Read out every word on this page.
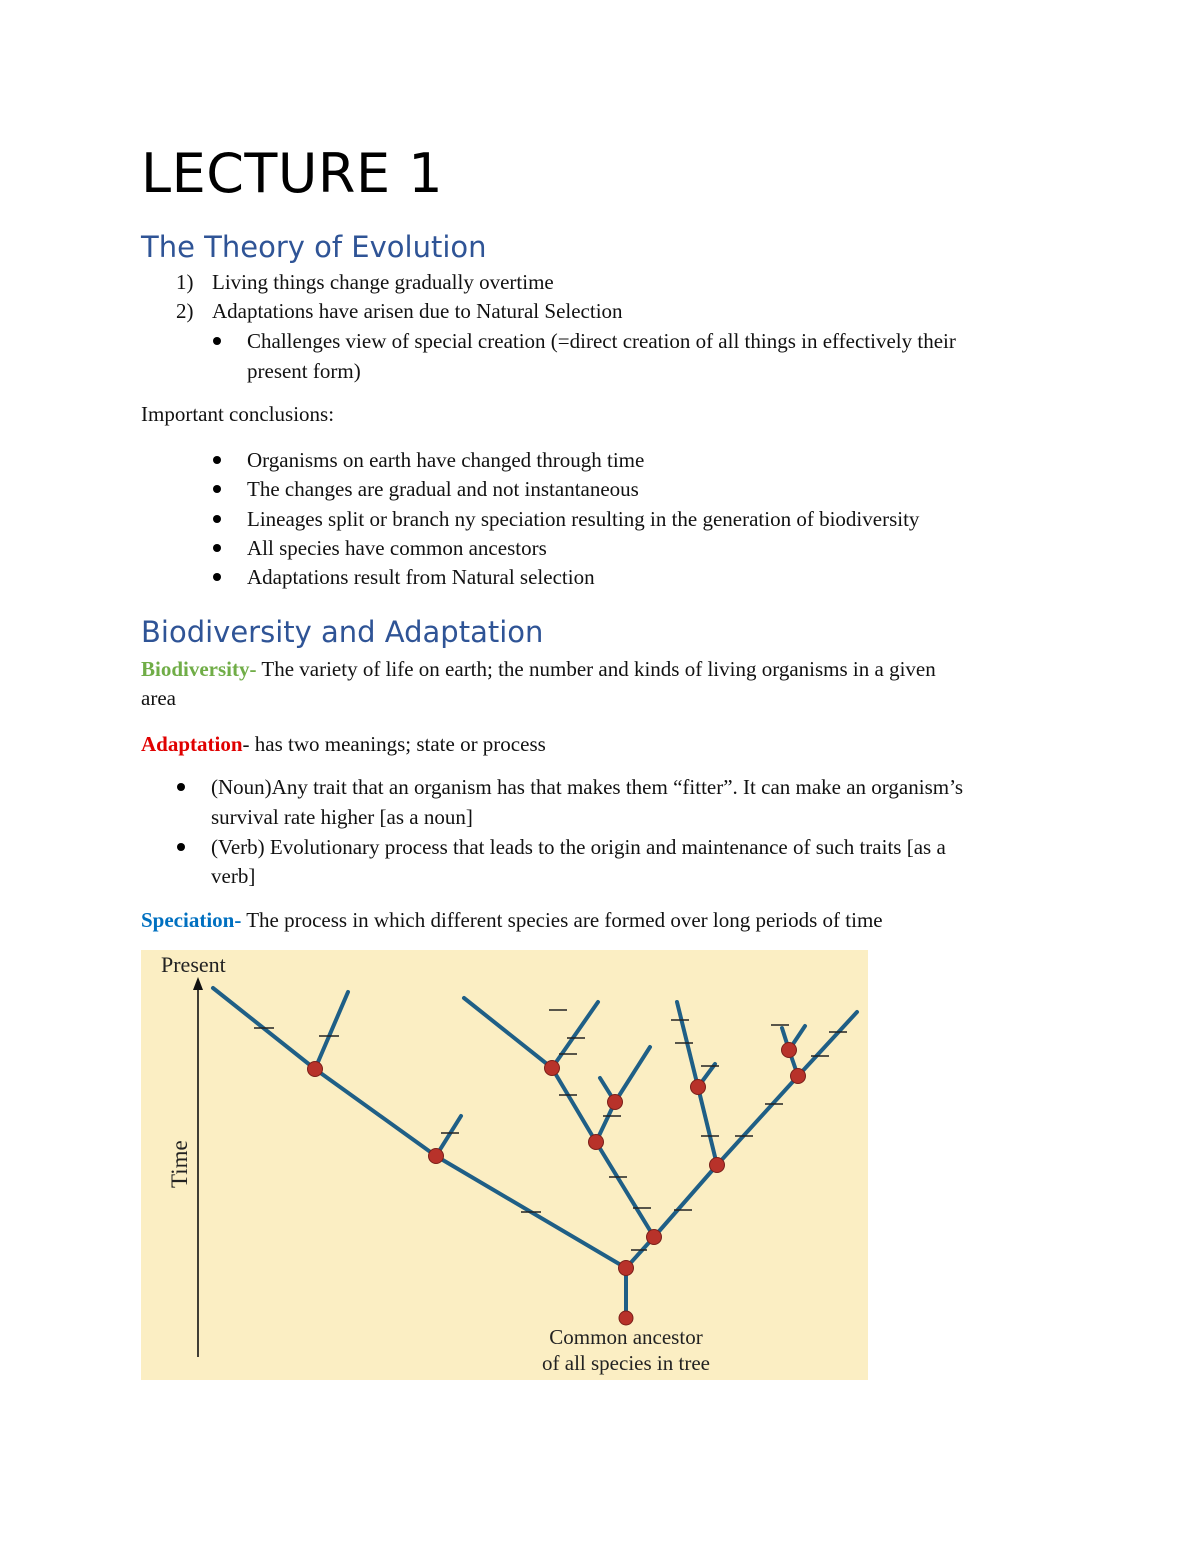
LECTURE 1
The Theory of Evolution
1) Living things change gradually overtime
2) Adaptations have arisen due to Natural Selection
Challenges view of special creation (=direct creation of all things in effectively their
present form)
Important conclusions:
Organisms on earth have changed through time
The changes are gradual and not instantaneous
Lineages split or branch ny speciation resulting in the generation of biodiversity
All species have common ancestors
Adaptations result from Natural selection
Biodiversity and Adaptation
Biodiversity- The variety of life on earth; the number and kinds of living organisms in a given
area
Adaptation- has two meanings; state or process
(Noun)Any trait that an organism has that makes them “fitter”. It can make an organism’s
survival rate higher [as a noun]
(Verb) Evolutionary process that leads to the origin and maintenance of such traits [as a
verb]
Speciation- The process in which different species are formed over long periods of time
Present
Time
Common ancestor
of all species in tree
